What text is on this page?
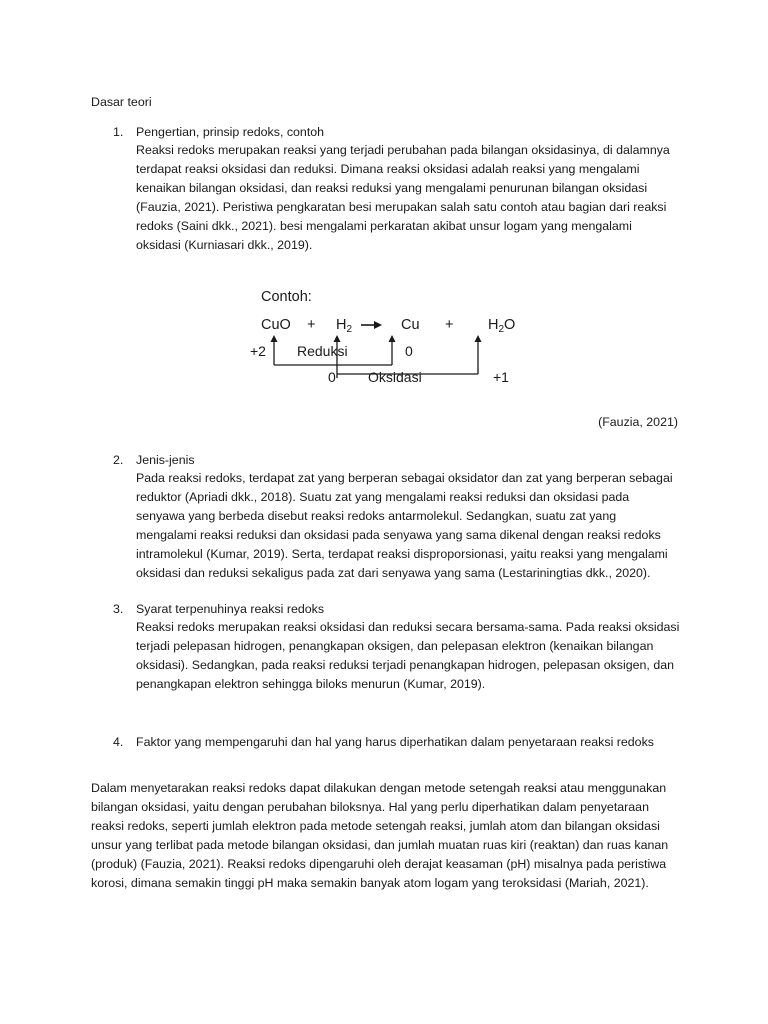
Dasar teori
1.	Pengertian, prinsip redoks, contoh
Reaksi redoks merupakan reaksi yang terjadi perubahan pada bilangan oksidasinya, di dalamnya
terdapat reaksi oksidasi dan reduksi. Dimana reaksi oksidasi adalah reaksi yang mengalami
kenaikan bilangan oksidasi, dan reaksi reduksi yang mengalami penurunan bilangan oksidasi
(Fauzia, 2021). Peristiwa pengkaratan besi merupakan salah satu contoh atau bagian dari reaksi
redoks (Saini dkk., 2021). besi mengalami perkaratan akibat unsur logam yang mengalami
oksidasi (Kurniasari dkk., 2019).
Contoh:
CuO + $H_2$	$Cu + H_2O$
+2	0
0	+1
Reduksi
Oksidasi
(Fauzia, 2021)
2.	Jenis-jenis
Pada reaksi redoks, terdapat zat yang berperan sebagai oksidator dan zat yang berperan sebagai
reduktor (Apriadi dkk., 2018). Suatu zat yang mengalami reaksi reduksi dan oksidasi pada
senyawa yang berbeda disebut reaksi redoks antarmolekul. Sedangkan, suatu zat yang
mengalami reaksi reduksi dan oksidasi pada senyawa yang sama dikenal dengan reaksi redoks
intramolekul (Kumar, 2019). Serta, terdapat reaksi disproporsionasi, yaitu reaksi yang mengalami
oksidasi dan reduksi sekaligus pada zat dari senyawa yang sama (Lestariningtias dkk., 2020).
3.	Syarat terpenuhinya reaksi redoks
Reaksi redoks merupakan reaksi oksidasi dan reduksi secara bersama-sama. Pada reaksi oksidasi
terjadi pelepasan hidrogen, penangkapan oksigen, dan pelepasan elektron (kenaikan bilangan
oksidasi). Sedangkan, pada reaksi reduksi terjadi penangkapan hidrogen, pelepasan oksigen, dan
penangkapan elektron sehingga biloks menurun (Kumar, 2019).
4.	Faktor yang mempengaruhi dan hal yang harus diperhatikan dalam penyetaraan reaksi redoks
Dalam menyetarakan reaksi redoks dapat dilakukan dengan metode setengah reaksi atau menggunakan
bilangan oksidasi, yaitu dengan perubahan biloksnya. Hal yang perlu diperhatikan dalam penyetaraan
reaksi redoks, seperti jumlah elektron pada metode setengah reaksi, jumlah atom dan bilangan oksidasi
unsur yang terlibat pada metode bilangan oksidasi, dan jumlah muatan ruas kiri (reaktan) dan ruas kanan
(produk) (Fauzia, 2021). Reaksi redoks dipengaruhi oleh derajat keasaman (pH) misalnya pada peristiwa
korosi, dimana semakin tinggi pH maka semakin banyak atom logam yang teroksidasi (Mariah, 2021).
